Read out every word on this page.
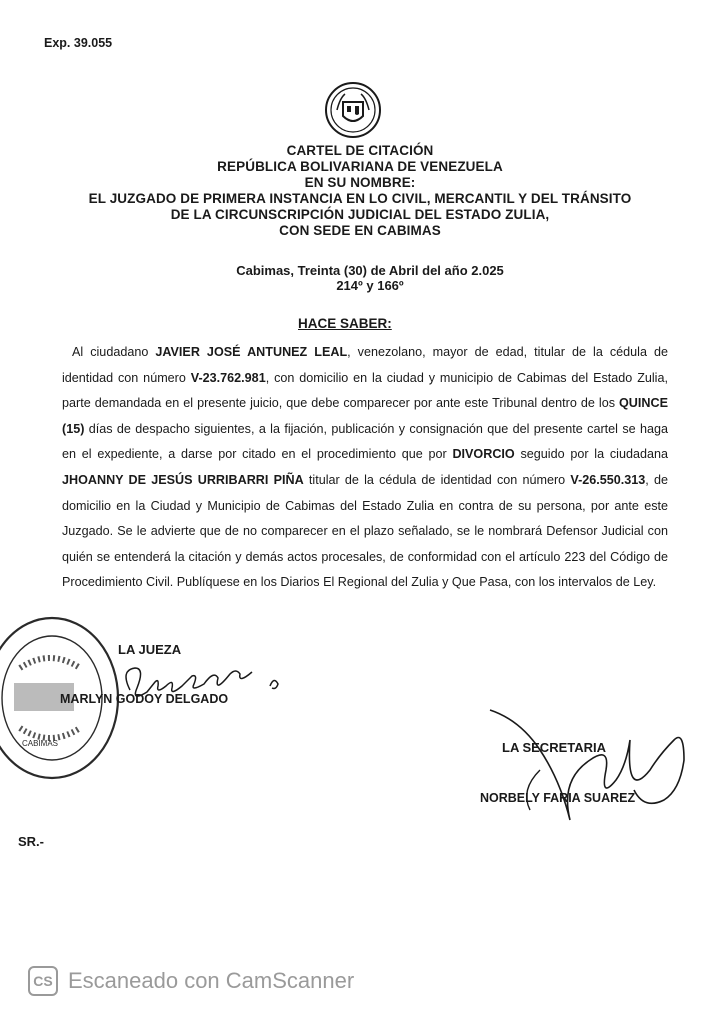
Exp. 39.055
CARTEL DE CITACIÓN
REPÚBLICA BOLIVARIANA DE VENEZUELA
EN SU NOMBRE:
EL JUZGADO DE PRIMERA INSTANCIA EN LO CIVIL, MERCANTIL Y DEL TRÁNSITO
DE LA CIRCUNSCRIPCIÓN JUDICIAL DEL ESTADO ZULIA,
CON SEDE EN CABIMAS
Cabimas, Treinta (30) de Abril del año 2.025
214º y 166º
HACE SABER:
Al ciudadano JAVIER JOSÉ ANTUNEZ LEAL, venezolano, mayor de edad, titular de la cédula de identidad con número V-23.762.981, con domicilio en la ciudad y municipio de Cabimas del Estado Zulia, parte demandada en el presente juicio, que debe comparecer por ante este Tribunal dentro de los QUINCE (15) días de despacho siguientes, a la fijación, publicación y consignación que del presente cartel se haga en el expediente, a darse por citado en el procedimiento que por DIVORCIO seguido por la ciudadana JHOANNY DE JESÚS URRIBARRI PIÑA titular de la cédula de identidad con número V-26.550.313, de domicilio en la Ciudad y Municipio de Cabimas del Estado Zulia en contra de su persona, por ante este Juzgado. Se le advierte que de no comparecer en el plazo señalado, se le nombrará Defensor Judicial con quién se entenderá la citación y demás actos procesales, de conformidad con el artículo 223 del Código de Procedimiento Civil. Publíquese en los Diarios El Regional del Zulia y Que Pasa, con los intervalos de Ley.
CABIMAS
LA JUEZA
MARLYN GODOY DELGADO
LA SECRETARIA
NORBELY FARIA SUAREZ
SR.-
CS Escaneado con CamScanner
